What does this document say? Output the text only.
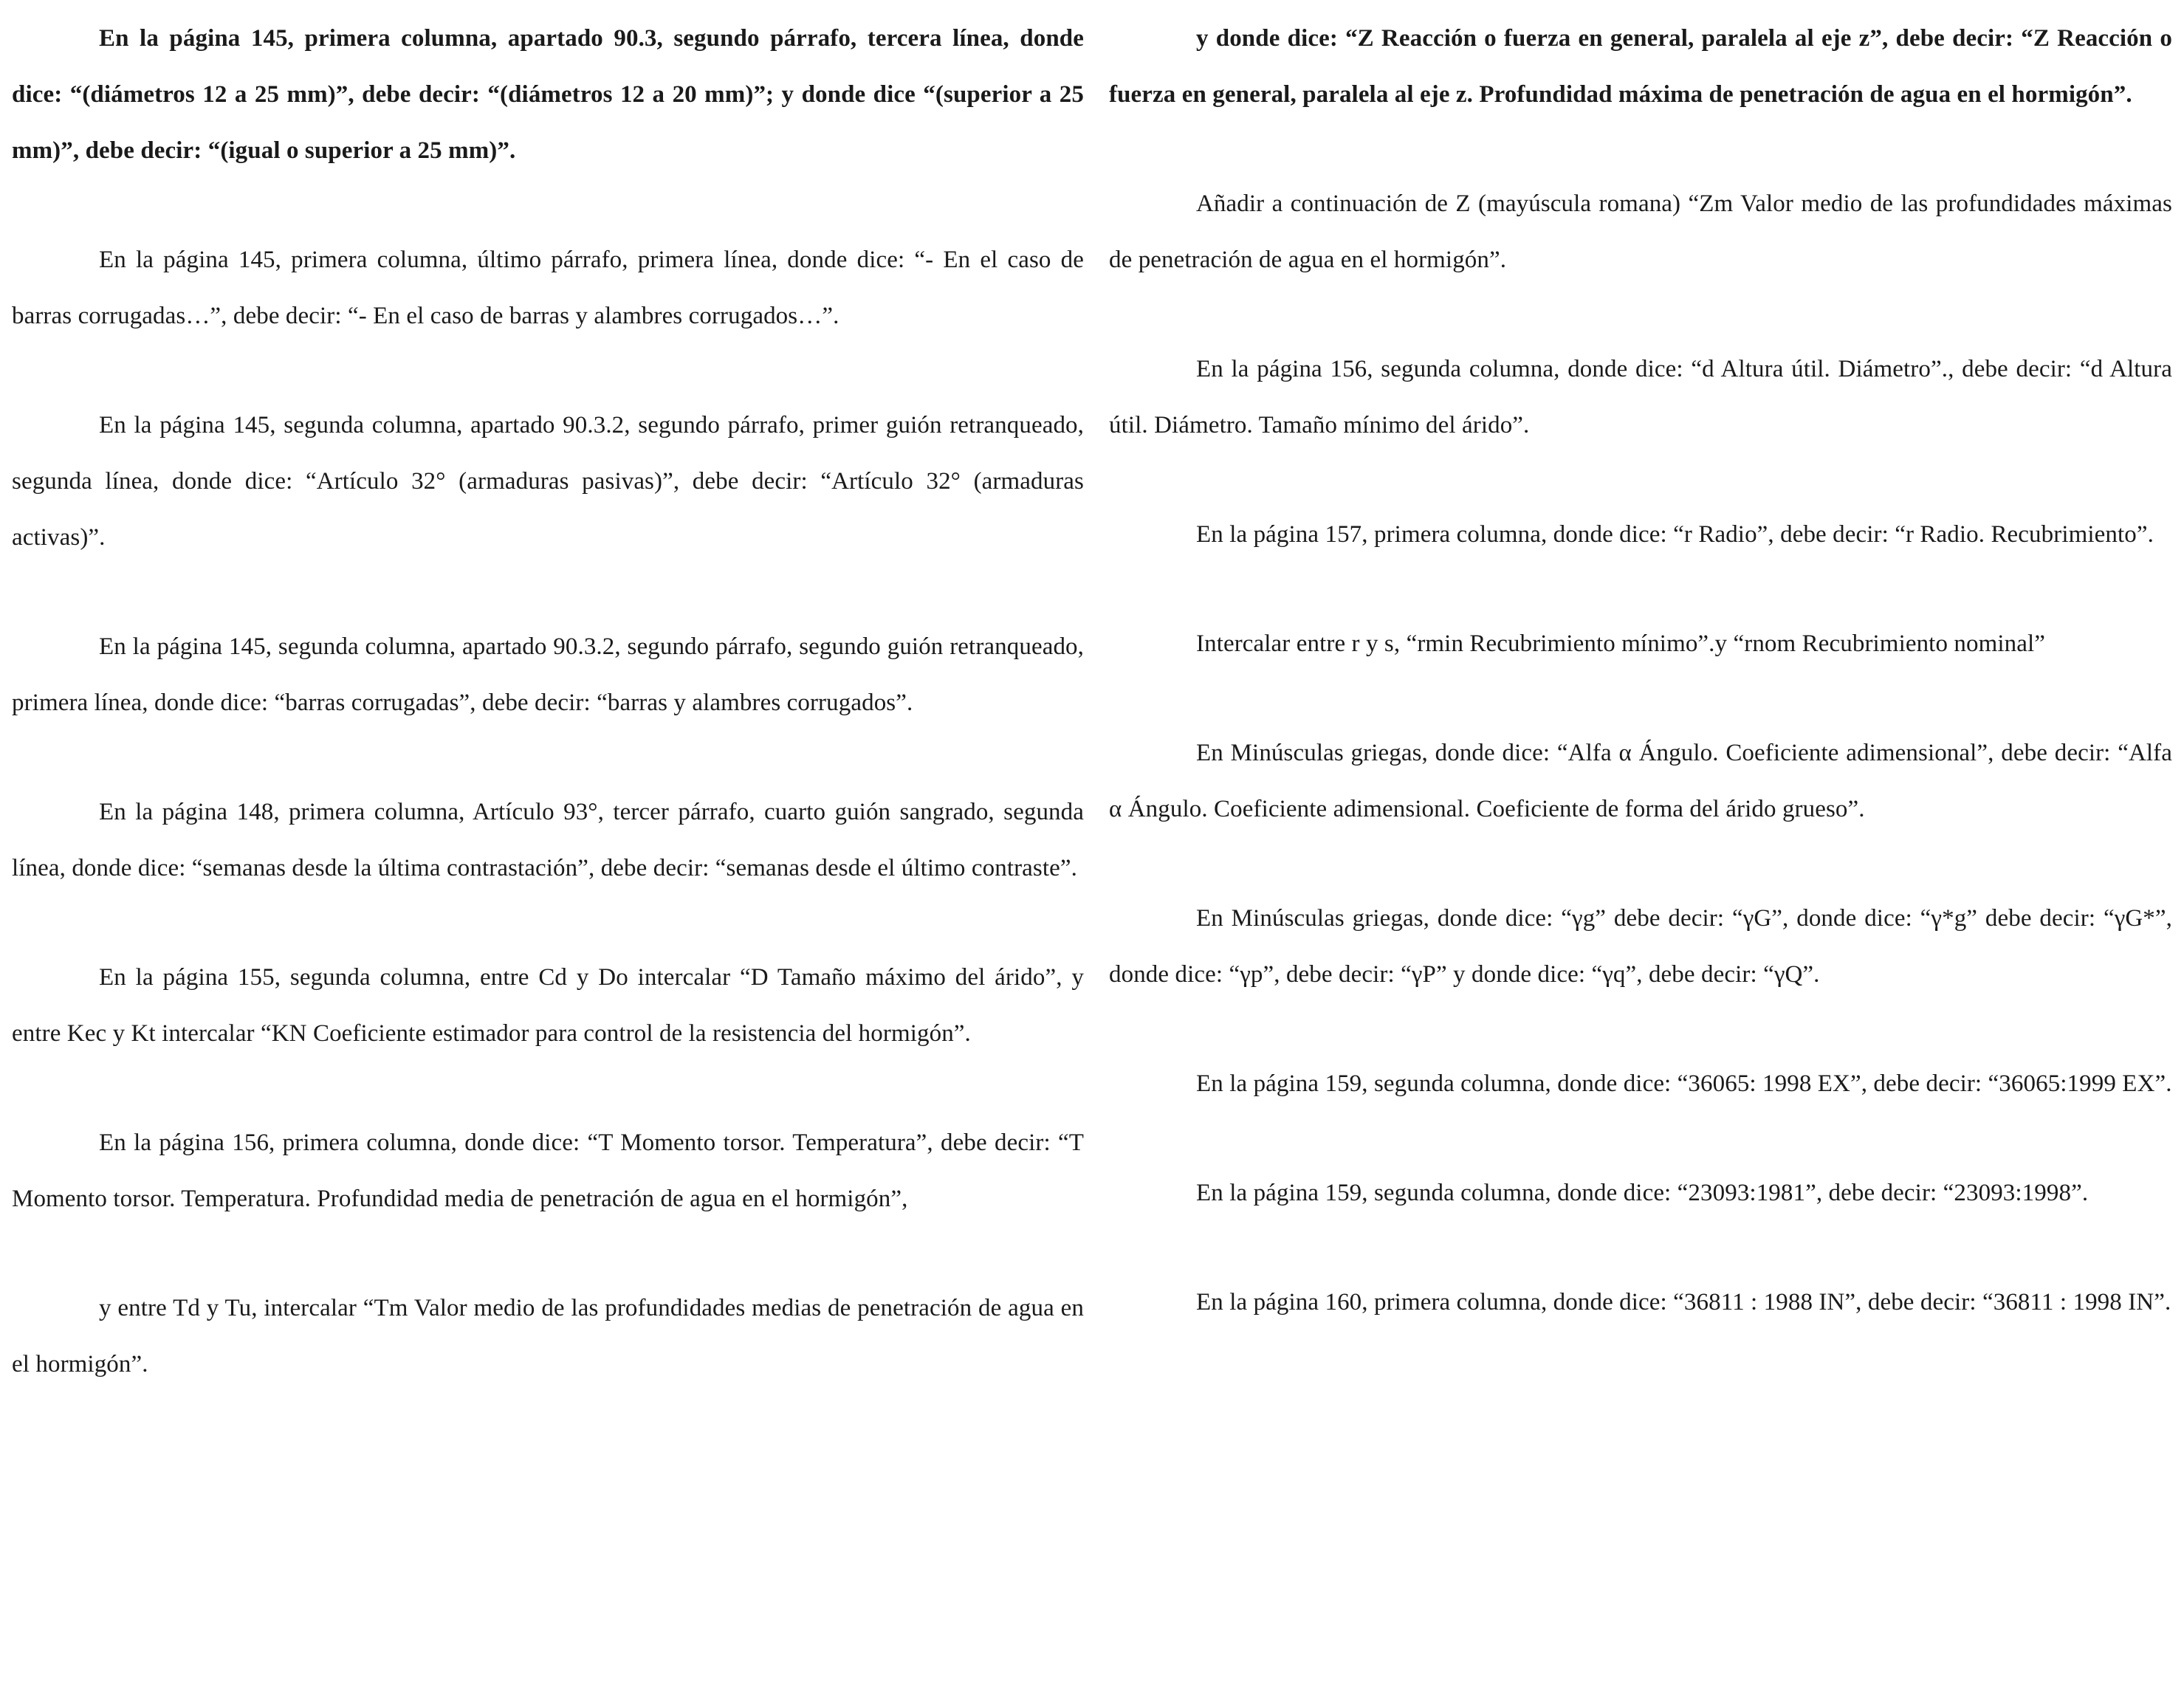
En la página 145, primera columna, apartado 90.3, segundo párrafo, tercera línea, donde dice: “(diámetros 12 a 25 mm)”, debe decir: “(diámetros 12 a 20 mm)”; y donde dice “(superior a 25 mm)”, debe decir: “(igual o superior a 25 mm)”.

En la página 145, primera columna, último párrafo, primera línea, donde dice: “- En el caso de barras corrugadas…”, debe decir: “- En el caso de barras y alambres corrugados…”.

En la página 145, segunda columna, apartado 90.3.2, segundo párrafo, primer guión retranqueado, segunda línea, donde dice: “Artículo 32° (armaduras pasivas)”, debe decir: “Artículo 32° (armaduras activas)”.

En la página 145, segunda columna, apartado 90.3.2, segundo párrafo, segundo guión retranqueado, primera línea, donde dice: “barras corrugadas”, debe decir: “barras y alambres corrugados”.

En la página 148, primera columna, Artículo 93°, tercer párrafo, cuarto guión sangrado, segunda línea, donde dice: “semanas desde la última contrastación”, debe decir: “semanas desde el último contraste”.

En la página 155, segunda columna, entre Cd y Do intercalar “D Tamaño máximo del árido”, y entre Kec y Kt intercalar “KN Coeficiente estimador para control de la resistencia del hormigón”.

En la página 156, primera columna, donde dice: “T Momento torsor. Temperatura”, debe decir: “T Momento torsor. Temperatura. Profundidad media de penetración de agua en el hormigón”,

y entre Td y Tu, intercalar “Tm Valor medio de las profundidades medias de penetración de agua en el hormigón”.

y donde dice: “Z Reacción o fuerza en general, paralela al eje z”, debe decir: “Z Reacción o fuerza en general, paralela al eje z. Profundidad máxima de penetración de agua en el hormigón”.

Añadir a continuación de Z (mayúscula romana) “Zm Valor medio de las profundidades máximas de penetración de agua en el hormigón”.

En la página 156, segunda columna, donde dice: “d Altura útil. Diámetro”., debe decir: “d Altura útil. Diámetro. Tamaño mínimo del árido”.

En la página 157, primera columna, donde dice: “r Radio”, debe decir: “r Radio. Recubrimiento”.

Intercalar entre r y s, “rmin Recubrimiento mínimo”.y “rnom Recubrimiento nominal”

En Minúsculas griegas, donde dice: “Alfa α Ángulo. Coeficiente adimensional”, debe decir: “Alfa α Ángulo. Coeficiente adimensional. Coeficiente de forma del árido grueso”.

En Minúsculas griegas, donde dice: “γg” debe decir: “γG”, donde dice: “γ*g” debe decir: “γG*”, donde dice: “γp”, debe decir: “γP” y donde dice: “γq”, debe decir: “γQ”.

En la página 159, segunda columna, donde dice: “36065: 1998 EX”, debe decir: “36065:1999 EX”.

En la página 159, segunda columna, donde dice: “23093:1981”, debe decir: “23093:1998”.

En la página 160, primera columna, donde dice: “36811 : 1988 IN”, debe decir: “36811 : 1998 IN”.
